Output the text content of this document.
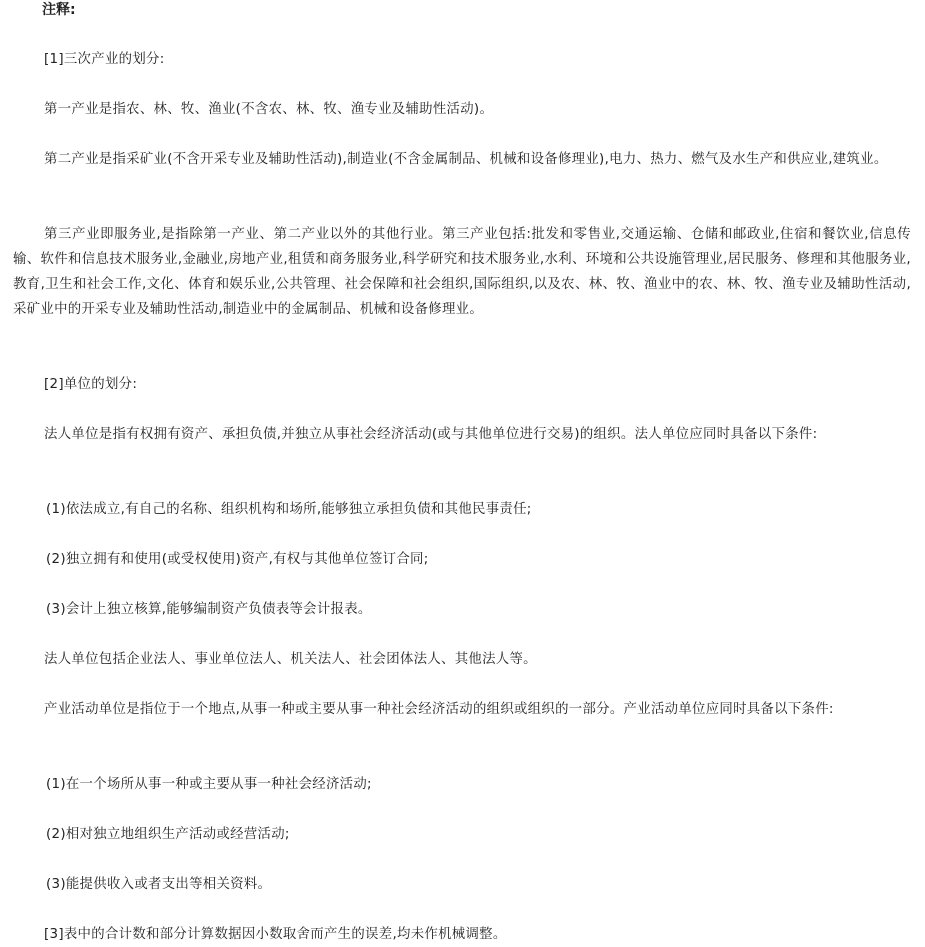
注释:

[1]三次产业的划分:

第一产业是指农、林、牧、渔业(不含农、林、牧、渔专业及辅助性活动)。

第二产业是指采矿业(不含开采专业及辅助性活动),制造业(不含金属制品、机械和设备修理业),电力、热力、燃气及水生产和供应业,建筑业。

第三产业即服务业,是指除第一产业、第二产业以外的其他行业。第三产业包括:批发和零售业,交通运输、仓储和邮政业,住宿和餐饮业,信息传输、软件和信息技术服务业,金融业,房地产业,租赁和商务服务业,科学研究和技术服务业,水利、环境和公共设施管理业,居民服务、修理和其他服务业,教育,卫生和社会工作,文化、体育和娱乐业,公共管理、社会保障和社会组织,国际组织,以及农、林、牧、渔业中的农、林、牧、渔专业及辅助性活动,采矿业中的开采专业及辅助性活动,制造业中的金属制品、机械和设备修理业。

[2]单位的划分:

法人单位是指有权拥有资产、承担负债,并独立从事社会经济活动(或与其他单位进行交易)的组织。法人单位应同时具备以下条件:

(1)依法成立,有自己的名称、组织机构和场所,能够独立承担负债和其他民事责任;

(2)独立拥有和使用(或受权使用)资产,有权与其他单位签订合同;

(3)会计上独立核算,能够编制资产负债表等会计报表。

法人单位包括企业法人、事业单位法人、机关法人、社会团体法人、其他法人等。

产业活动单位是指位于一个地点,从事一种或主要从事一种社会经济活动的组织或组织的一部分。产业活动单位应同时具备以下条件:

(1)在一个场所从事一种或主要从事一种社会经济活动;

(2)相对独立地组织生产活动或经营活动;

(3)能提供收入或者支出等相关资料。

[3]表中的合计数和部分计算数据因小数取舍而产生的误差,均未作机械调整。
